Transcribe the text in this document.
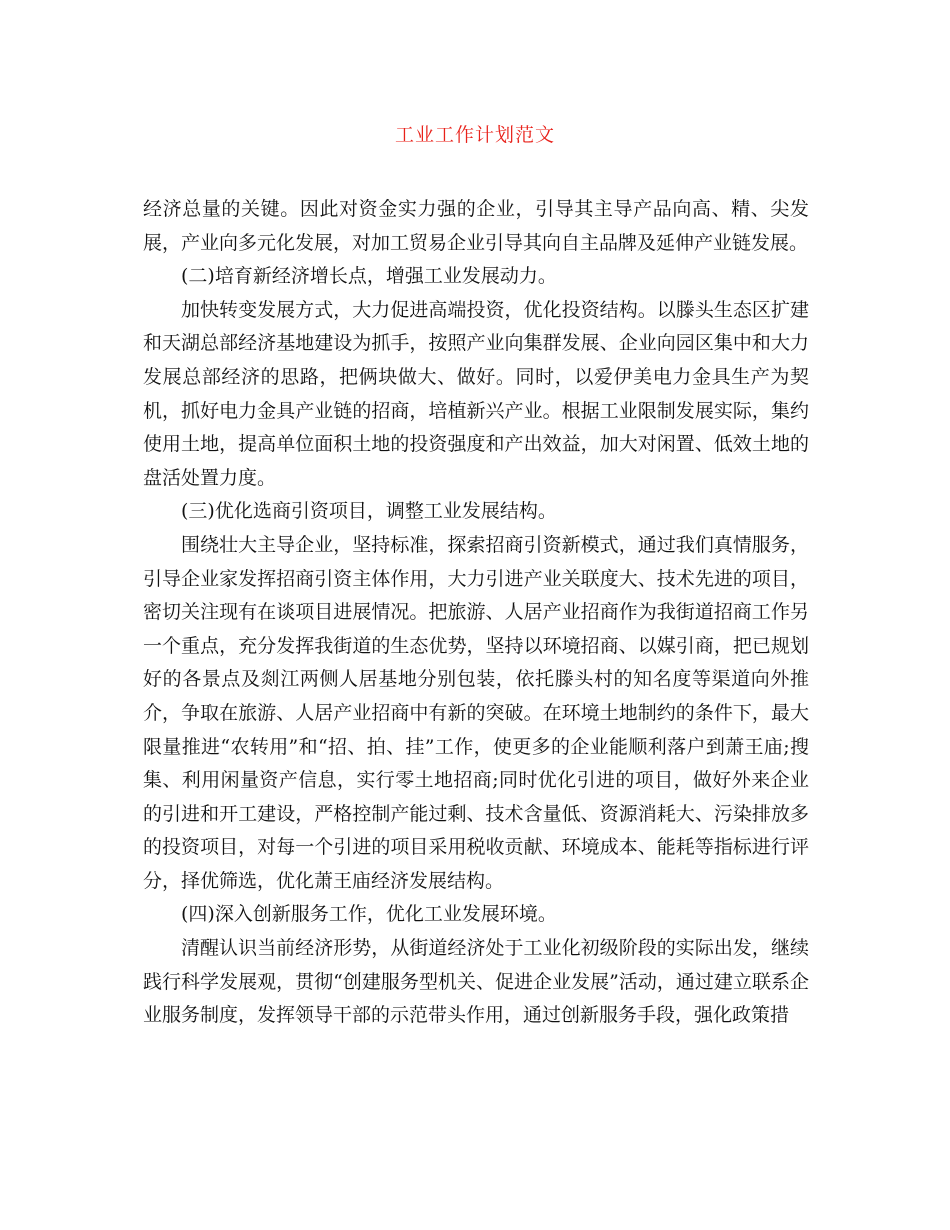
工业工作计划范文

经济总量的关键。因此对资金实力强的企业，引导其主导产品向高、精、尖发展，产业向多元化发展，对加工贸易企业引导其向自主品牌及延伸产业链发展。

(二)培育新经济增长点，增强工业发展动力。

加快转变发展方式，大力促进高端投资，优化投资结构。以滕头生态区扩建和天湖总部经济基地建设为抓手，按照产业向集群发展、企业向园区集中和大力发展总部经济的思路，把俩块做大、做好。同时，以爱伊美电力金具生产为契机，抓好电力金具产业链的招商，培植新兴产业。根据工业限制发展实际，集约使用土地，提高单位面积土地的投资强度和产出效益，加大对闲置、低效土地的盘活处置力度。

(三)优化选商引资项目，调整工业发展结构。

围绕壮大主导企业，坚持标准，探索招商引资新模式，通过我们真情服务，引导企业家发挥招商引资主体作用，大力引进产业关联度大、技术先进的项目，密切关注现有在谈项目进展情况。把旅游、人居产业招商作为我街道招商工作另一个重点，充分发挥我街道的生态优势，坚持以环境招商、以媒引商，把已规划好的各景点及剡江两侧人居基地分别包装，依托滕头村的知名度等渠道向外推介，争取在旅游、人居产业招商中有新的突破。在环境土地制约的条件下，最大限量推进“农转用”和“招、拍、挂”工作，使更多的企业能顺利落户到萧王庙;搜集、利用闲量资产信息，实行零土地招商;同时优化引进的项目，做好外来企业的引进和开工建设，严格控制产能过剩、技术含量低、资源消耗大、污染排放多的投资项目，对每一个引进的项目采用税收贡献、环境成本、能耗等指标进行评分，择优筛选，优化萧王庙经济发展结构。

(四)深入创新服务工作，优化工业发展环境。

清醒认识当前经济形势，从街道经济处于工业化初级阶段的实际出发，继续践行科学发展观，贯彻“创建服务型机关、促进企业发展”活动，通过建立联系企业服务制度，发挥领导干部的示范带头作用，通过创新服务手段，强化政策措
